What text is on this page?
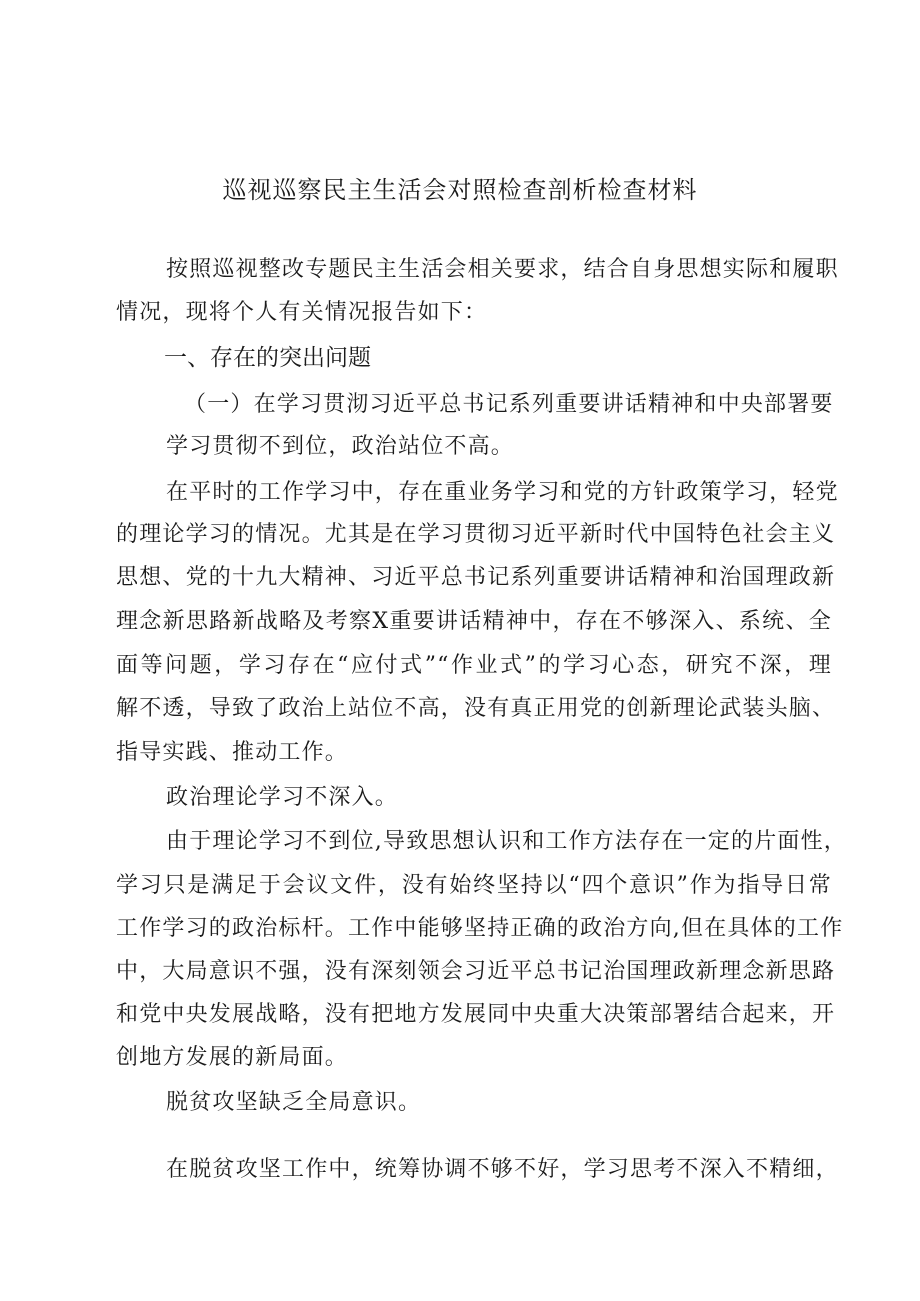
巡视巡察民主生活会对照检查剖析检查材料
按照巡视整改专题民主生活会相关要求，结合自身思想实际和履职
情况，现将个人有关情况报告如下：
一、存在的突出问题
（一）在学习贯沏习近平总书记系列重要讲话精神和中央部署要
学习贯彻不到位，政治站位不高。
在平时的工作学习中，存在重业务学习和党的方针政策学习，轻党
的理论学习的情况。尤其是在学习贯彻习近平新时代中国特色社会主义
思想、党的十九大精神、习近平总书记系列重要讲话精神和治国理政新
理念新思路新战略及考察X重要讲话精神中，存在不够深入、系统、全
面等问题，学习存在“应付式”“作业式”的学习心态，研究不深，理
解不透，导致了政治上站位不高，没有真正用党的创新理论武装头脑、
指导实践、推动工作。
政治理论学习不深入。
由于理论学习不到位,导致思想认识和工作方法存在一定的片面性，
学习只是满足于会议文件，没有始终坚持以“四个意识”作为指导日常
工作学习的政治标杆。工作中能够坚持正确的政治方向,但在具体的工作
中，大局意识不强，没有深刻领会习近平总书记治国理政新理念新思路
和党中央发展战略，没有把地方发展同中央重大决策部署结合起来，开
创地方发展的新局面。
脱贫攻坚缺乏全局意识。
在脱贫攻坚工作中，统筹协调不够不好，学习思考不深入不精细，
